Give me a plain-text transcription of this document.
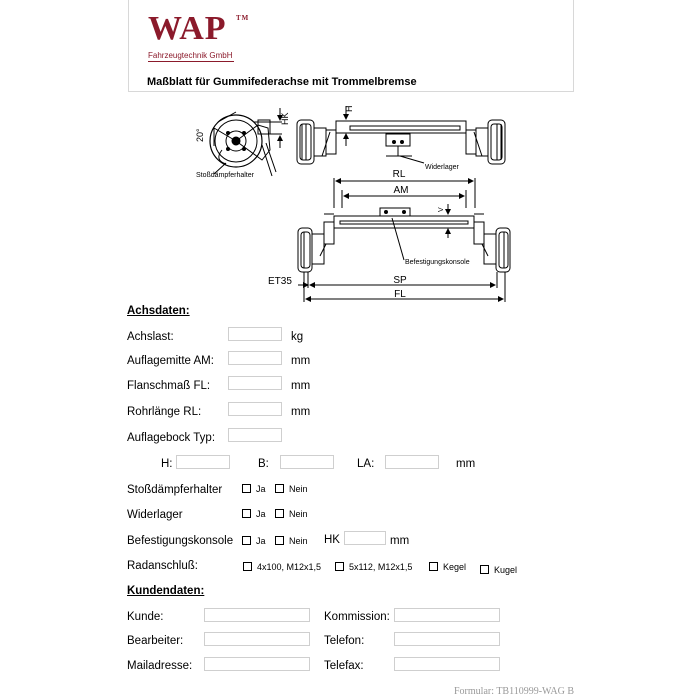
WAP TM
Fahrzeugtechnik GmbH
Maßblatt für Gummifederachse mit Trommelbremse
20°
HK
Stoßdämpferhalter
H
Widerlager
RL
AM
V
Befestigungskonsole
ET35	SP
FL
Achsdaten:
Achslast:	kg
Auflagemitte AM:	mm
Flanschmaß FL:	mm
Rohrlänge RL:	mm
Auflagebock Typ:
H:	B:	LA:	mm
Stoßdämpferhalter	Ja	Nein
Widerlager	Ja	Nein
Befestigungskonsole	Ja	Nein HK	mm
Radanschluß:	4x100, M12x1,5	5x112, M12x1,5	Kegel	Kugel
Kundendaten:
Kunde:	Kommission:
Bearbeiter:	Telefon:
Mailadresse:	Telefax:
Formular: TB110999-WAG B
